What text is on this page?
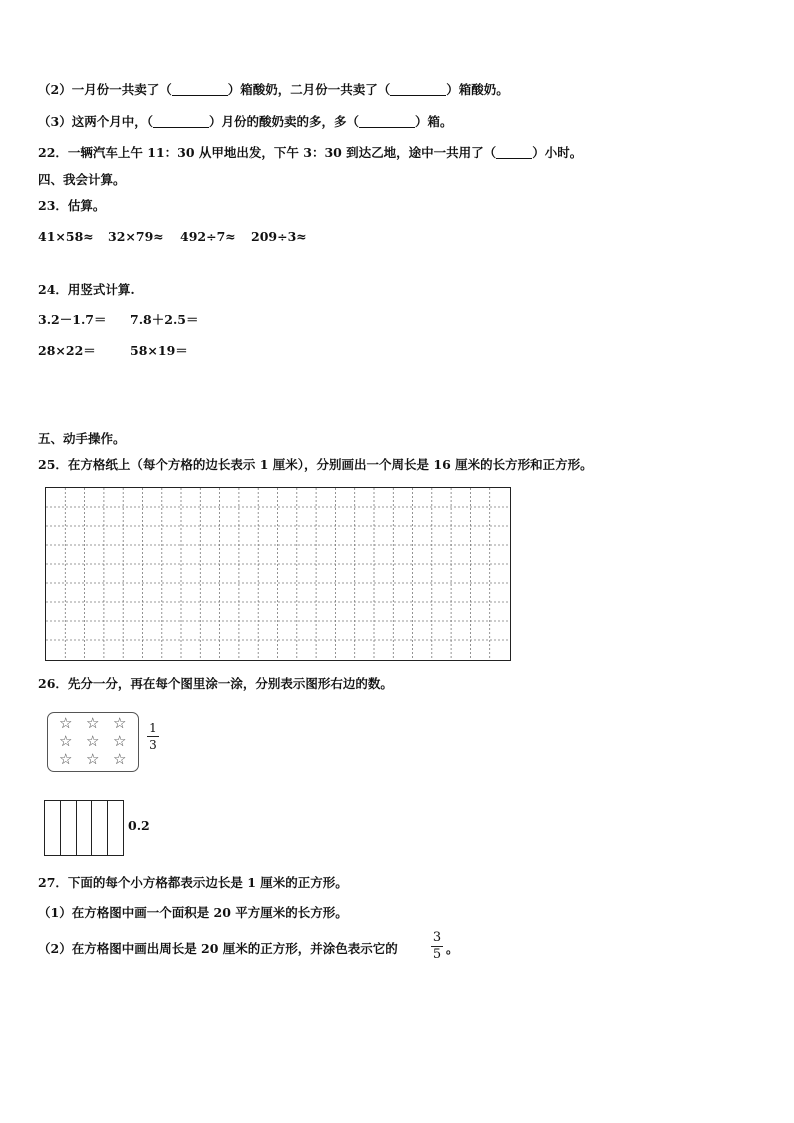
（2）一月份一共卖了（	）箱酸奶，二月份一共卖了（	）箱酸奶。
（3）这两个月中，（	）月份的酸奶卖的多，多（	）箱。
22．一辆汽车上午 11：30 从甲地出发，下午 3：30 到达乙地，途中一共用了（	）小时。
四、我会计算。
23．估算。
41×58≈ 32×79≈ 492÷7≈ 209÷3≈
24．用竖式计算.
3.2－1.7＝ 7.8＋2.5＝
28×22＝	58×19＝
五、动手操作。
25．在方格纸上（每个方格的边长表示 1 厘米），分别画出一个周长是 16 厘米的长方形和正方形。
26．先分一分，再在每个图里涂一涂，分别表示图形右边的数。
☆ ☆ ☆
☆ ☆ ☆
☆ ☆ ☆
1
3
0.2
27．下面的每个小方格都表示边长是 1 厘米的正方形。
（1）在方格图中画一个面积是 20 平方厘米的长方形。
（2）在方格图中画出周长是 20 厘米的正方形，并涂色表示它的
3
5 。
